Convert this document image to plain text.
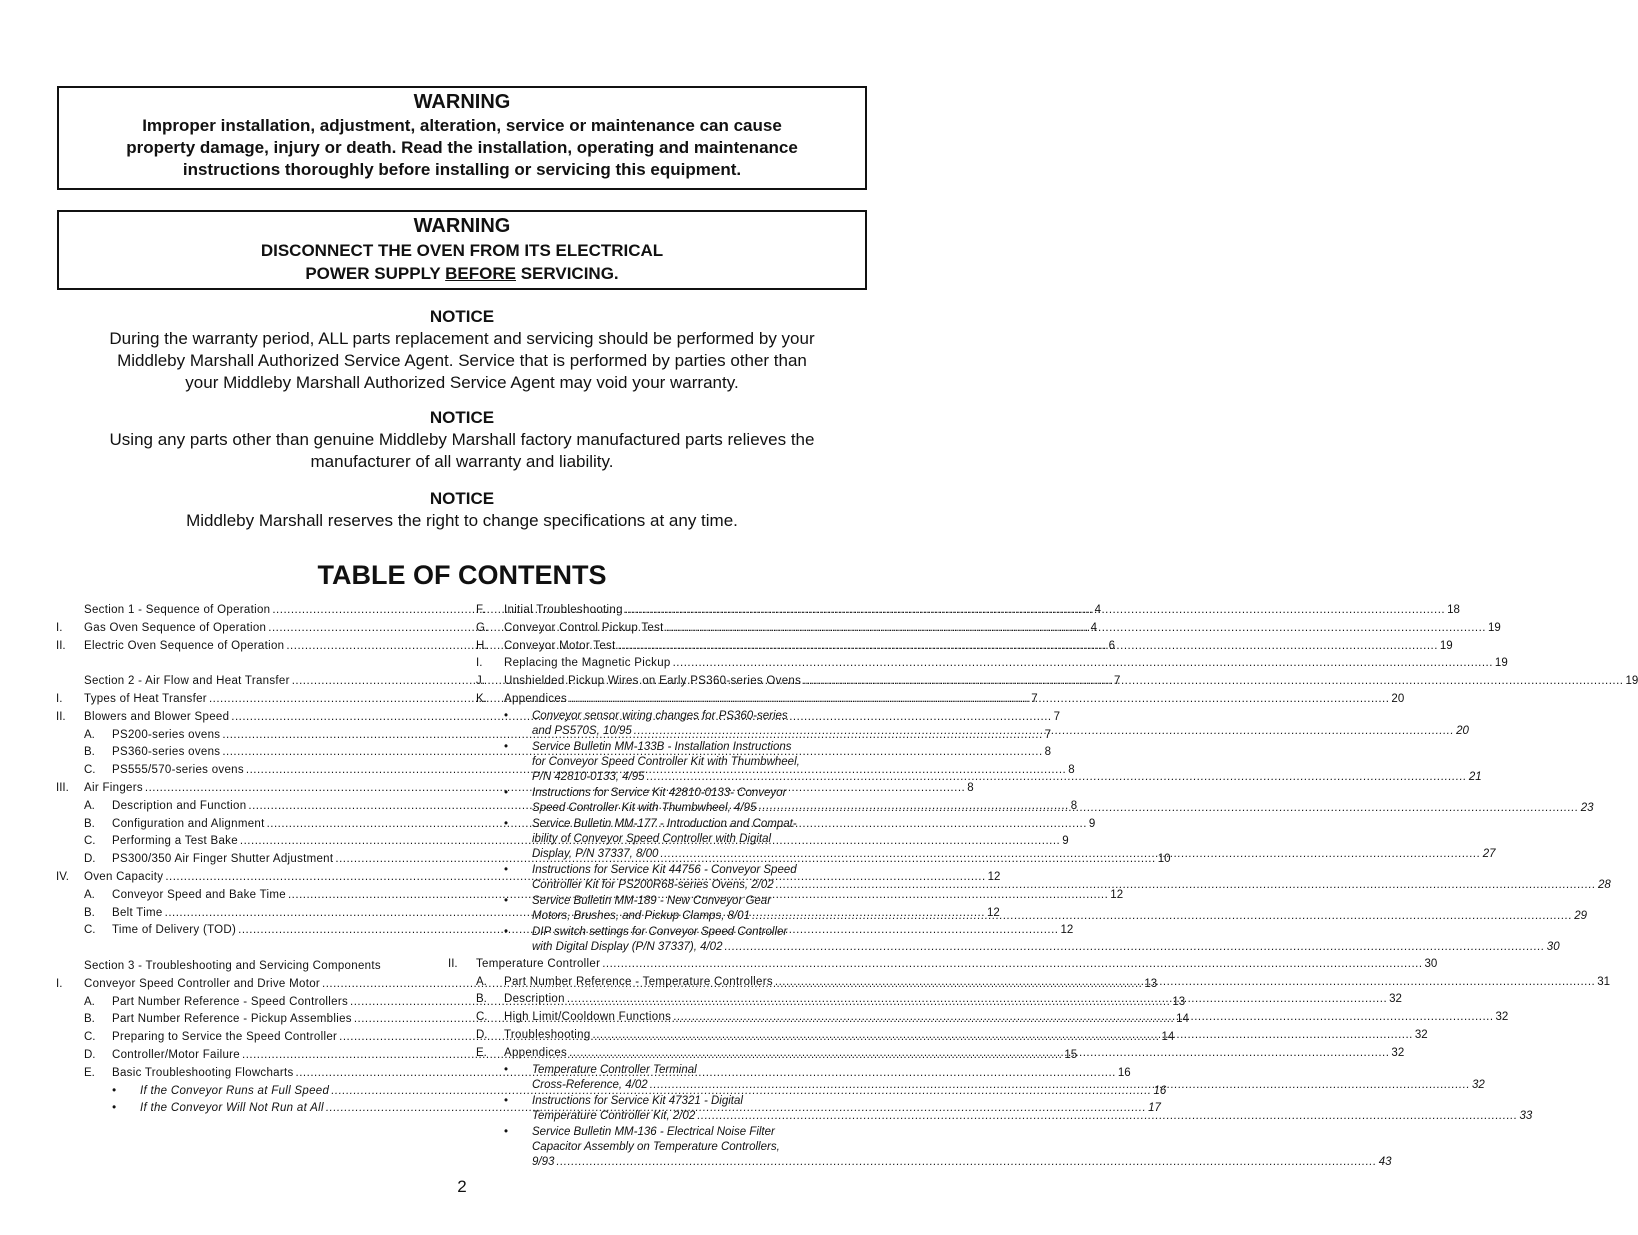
WARNING
Improper installation, adjustment, alteration, service or maintenance can cause
property damage, injury or death. Read the installation, operating and maintenance
instructions thoroughly before installing or servicing this equipment.
WARNING
DISCONNECT THE OVEN FROM ITS ELECTRICAL
POWER SUPPLY BEFORE SERVICING.
NOTICE
During the warranty period, ALL parts replacement and servicing should be performed by your
Middleby Marshall Authorized Service Agent. Service that is performed by parties other than
your Middleby Marshall Authorized Service Agent may void your warranty.
NOTICE
Using any parts other than genuine Middleby Marshall factory manufactured parts relieves the
manufacturer of all warranty and liability.
NOTICE
Middleby Marshall reserves the right to change specifications at any time.
TABLE OF CONTENTS
Section 1 - Sequence of Operation .....	4
I.	Gas Oven Sequence of Operation .....	4
II.	Electric Oven Sequence of Operation .....	6
Section 2 - Air Flow and Heat Transfer .....	7
I.	Types of Heat Transfer .....	7
II.	Blowers and Blower Speed .....	7
A.	PS200-series ovens .....	7
B.	PS360-series ovens .....	8
C.	PS555/570-series ovens .....	8
III.	Air Fingers .....	8
A.	Description and Function .....	8
B.	Configuration and Alignment .....	9
C.	Performing a Test Bake .....	9
D.	PS300/350 Air Finger Shutter Adjustment .....	10
IV.	Oven Capacity .....	12
A.	Conveyor Speed and Bake Time .....	12
B.	Belt Time .....	12
C.	Time of Delivery (TOD) .....	12
Section 3 - Troubleshooting and Servicing Components
I.	Conveyor Speed Controller and Drive Motor .....	13
A.	Part Number Reference - Speed Controllers .....	13
B.	Part Number Reference - Pickup Assemblies .....	14
C.	Preparing to Service the Speed Controller .....	14
D.	Controller/Motor Failure .....	15
E.	Basic Troubleshooting Flowcharts .....	16
•	If the Conveyor Runs at Full Speed .....	16
•	If the Conveyor Will Not Run at All .....	17
F.	Initial Troubleshooting .....	18
G.	Conveyor Control Pickup Test .....	19
H.	Conveyor Motor Test .....	19
I.	Replacing the Magnetic Pickup .....	19
J.	Unshielded Pickup Wires on Early PS360-series Ovens .....	19
K.	Appendices .....	20
•	Conveyor sensor wiring changes for PS360-series
and PS570S, 10/95 .....	20
•	Service Bulletin MM-133B - Installation Instructions
for Conveyor Speed Controller Kit with Thumbwheel,
P/N 42810-0133, 4/95 .....	21
•	Instructions for Service Kit 42810-0133- Conveyor
Speed Controller Kit with Thumbwheel, 4/95 .....	23
•	Service Bulletin MM-177 - Introduction and Compat-
ibility of Conveyor Speed Controller with Digital
Display, P/N 37337, 8/00 .....	27
•	Instructions for Service Kit 44756 - Conveyor Speed
Controller Kit for PS200R68-series Ovens, 2/02 .....	28
•	Service Bulletin MM-189 - New Conveyor Gear
Motors, Brushes, and Pickup Clamps, 8/01 .....	29
•	DIP switch settings for Conveyor Speed Controller
with Digital Display (P/N 37337), 4/02 .....	30
II.	Temperature Controller .....	30
A.	Part Number Reference - Temperature Controllers .....	31
B.	Description .....	32
C.	High Limit/Cooldown Functions .....	32
D.	Troubleshooting .....	32
E.	Appendices .....	32
•	Temperature Controller Terminal
Cross-Reference, 4/02 .....	32
•	Instructions for Service Kit 47321 - Digital
Temperature Controller Kit, 2/02 .....	33
•	Service Bulletin MM-136 - Electrical Noise Filter
Capacitor Assembly on Temperature Controllers,
9/93 .....	43
2
